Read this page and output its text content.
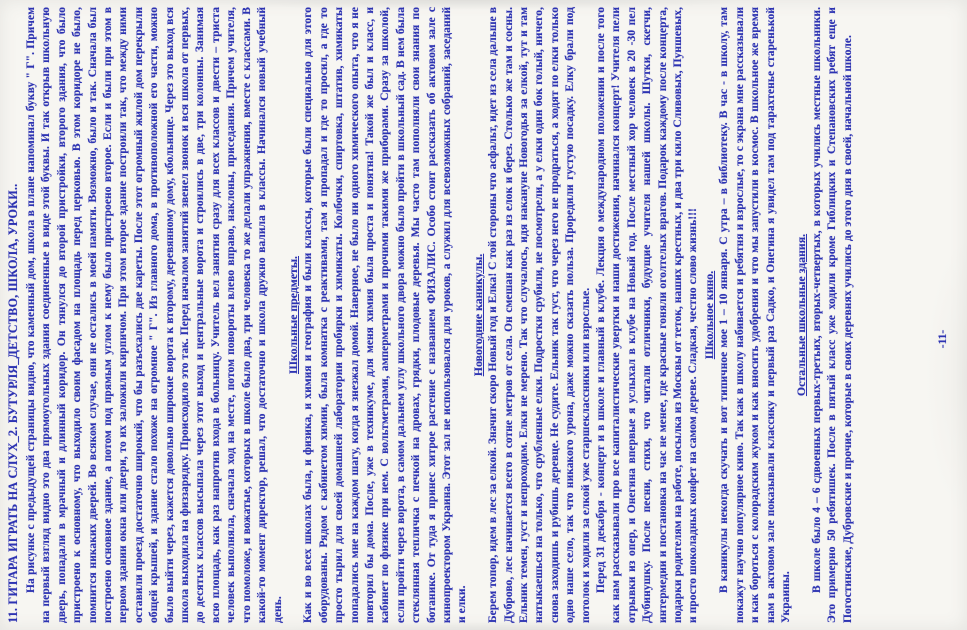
11. ГИТАРА ИГРАТЬ НА СЛУХ_2. БУТУРЛЯ_ДЕТСТВО, ШКОЛА, УРОКИ.. На рисунке с предыдущей страницы видно, что каменный дом, школа в плане напоминал букву " Г". Причем на первый взгляд видно это два прямоугольных здания соединенные в виде этой буквы. И так открыв школьную дверь, попадали в мрачный и длинный коридор. Он тянулся до второй пристройки, второго здания, что было пристроено к основному, что выходило своим фасадом на площадь перед церковью. В этом коридоре не было, помнится никаких дверей. Во всяком случае, они не остались в моей памяти. Возможно, было и так. Сначала был построено основное здание, а потом под прямым углом к нему было пристроено второе. Если и были при этом в первом здании окна или двери, то их заложили кирпичом. При этом второе здание построили так, что между ними оставили проезд достаточно широкий, что бы разъехались две кареты. После этот огромный жилой дом перекрыли общей крышей, и здание стало похоже на огромное " Г". Из главного дома, в противоположной его части, можно было выйти через, кажется довольно широкие ворота к второму, деревянному дому, кбольнице. Через это выход вся школа выходила на физзарядку. Происходило это так. Перед началом занятий звенел звонок и вся школа от первых, до десятых классов высыпала через этот выход и центральные ворота и строились в две, три колонны. Занимая всю площадь, как раз напротив входа в больницу. Учитель вел занятия сразу для всех классов и двести – триста человек выполняла, сначала ход на месте, потом повороты влево вправо, наклоны, приседания. Причем учителя, что помоложе, и вожатые, которых в школе было два, три человека то же делали упражнения, вместе с классами. В какой-то момент директор, решал, что достаточно и школа дружно валила в классы. Начинался новый учебный день.

Школьные предметы. Как и во всех школах была, и физика, и химия и география и были классы, которые были специально для этого оборудованы. Рядом с кабинетом химии, была комнатка с реактивами, там я пропадал и где то просил, а где то просто тырил для своей домашней лаборатории пробирки и химикаты. Колбочки, спиртовка, штатив, химикаты попадались мне на каждом шагу, когда я знезжал домой. Наверное, не было ни одного химического опыта, что я не повторил бы дома. После, уже в техникуме, для меня химия была проста и понятна! Такой же был и класс, и кабинет по физике при нем. С вольтметрами, амперметрами и прочими такими же приборами. Сразу за школой, если пройти через ворота, в самом дальнем углу школьного двора можно было пройти в школьный сад. В нем была стеклянная тепличка с печкой на дровах, грядки, плодовые деревья. Мы часто там пополняли свои знания по ботанике. От туда я принес хитрое растение с названием ФИЗАЛИС. Особо стоит рассказать об актовом зале с кинопроектором Украина. Этот зал не использовался для уроков, а служил для всевозможных собраний, заседаний и елки.

Новогодние каникулы. Берем топор, идем в лес за елкой. Значит скоро Новый год и Елка! С той стороны что асфальт, идет из села дальше в Дуброво, лес начинается всего в сотне метров от села. Он смешан как раз из елок и берез. Столько же там и сосны. Ельник темен, густ и непроходим. Елки не мерено. Так что случалось, идя накануне Новогодья за елкой, тут и там натыкаешься на только, что срубленные елки. Подростки срубили, не посмотрели, а у елки один бок голый, ничего, снова заходишь и рубишь деревце. Не судите. Ельник так густ, что через него не продраться, а ходят по елки только одно наше село, так что никакого урона, даже можно сказать польза. Проредили густую посадку. Елку брали под потолок и ходили за елкой уже старшеклассники или взрослые. Перед 31 декабря - концерт и в школе и главный в клубе. Лекция о международном положении и после того как нам рассказывали про все капиталистические увертки и наши достижения, начинался концерт! Учителя пели отрывки из опер, и Онегина впервые я услыхал в клубе на Новый год. После местный хор человек в 20 -30 пел Дубинушку. После песни, стихи, что читали отличники, будущие учителя нашей школы. Шутки, скетчи, интермедии и постановка на час не менее, где красные гоняли оголтелых врагов. Подарок каждому после концерта, подарки родителям на работе, посылка из Москвы от теток, наших крестных, и два три кило Сливовых, Пуншевых, и просто шоколадных конфет на самом дереве. Сладкая, честно слово жизнь!!! Школьное кино. В каникулы некогда скучать и вот типичное мое 1 – 10 января. С утра – в библиотеку. В час - в школу, там покажут научно популярное кино. Так как в школу набивается и ребятня и взрослые, то с экрана мне рассказывали и как бороться с колорадским жуком и как вносить удобрения и что мы запустили в космос. В школьное же время нам в актовом зале показывали классику и первый раз Садко, и Онегина я увидел там под тарахтенье старенькой Украины.

Остальные школьные здания. В школе было 4 – 6 сдвоенных первых-третьих, вторых-четвертых, в которых учились местные школьники. Это примерно 50 ребятишек. После в пятый класс уже ходили кроме Гиблицких и Степановских ребят еще и Погостинские, Дубровские и прочие, которые в своих деревнях учились до этого дня в своей, начальной школе.	-11-
